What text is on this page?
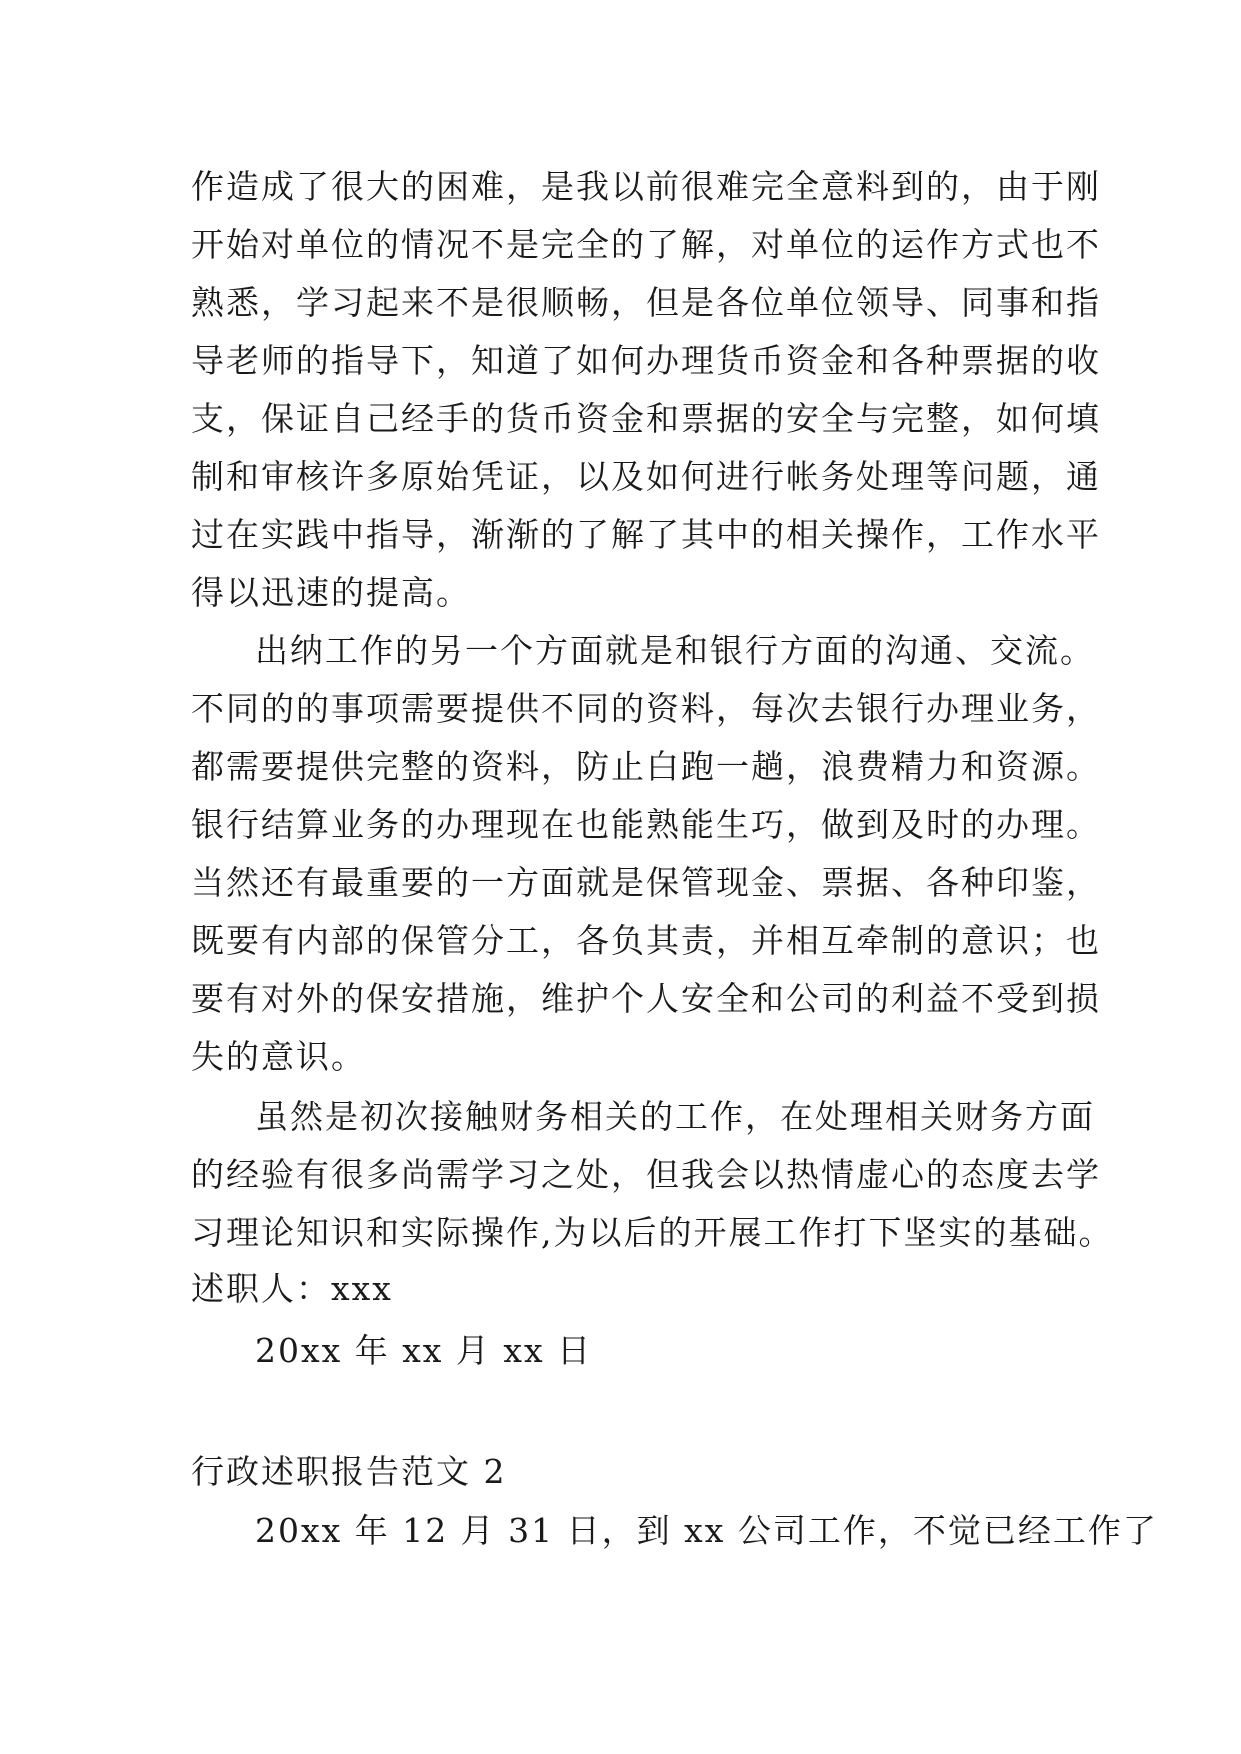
作造成了很大的困难，是我以前很难完全意料到的，由于刚
开始对单位的情况不是完全的了解，对单位的运作方式也不
熟悉，学习起来不是很顺畅，但是各位单位领导、同事和指
导老师的指导下，知道了如何办理货币资金和各种票据的收
支，保证自己经手的货币资金和票据的安全与完整，如何填
制和审核许多原始凭证，以及如何进行帐务处理等问题，通
过在实践中指导，渐渐的了解了其中的相关操作，工作水平
得以迅速的提高。
出纳工作的另一个方面就是和银行方面的沟通、交流。
不同的的事项需要提供不同的资料，每次去银行办理业务，
都需要提供完整的资料，防止白跑一趟，浪费精力和资源。
银行结算业务的办理现在也能熟能生巧，做到及时的办理。
当然还有最重要的一方面就是保管现金、票据、各种印鉴，
既要有内部的保管分工，各负其责，并相互牵制的意识；也
要有对外的保安措施，维护个人安全和公司的利益不受到损
失的意识。
虽然是初次接触财务相关的工作，在处理相关财务方面
的经验有很多尚需学习之处，但我会以热情虚心的态度去学
习理论知识和实际操作,为以后的开展工作打下坚实的基础。
述职人：xxx
20xx 年 xx 月 xx 日
行政述职报告范文 2
20xx 年 12 月 31 日，到 xx 公司工作，不觉已经工作了
